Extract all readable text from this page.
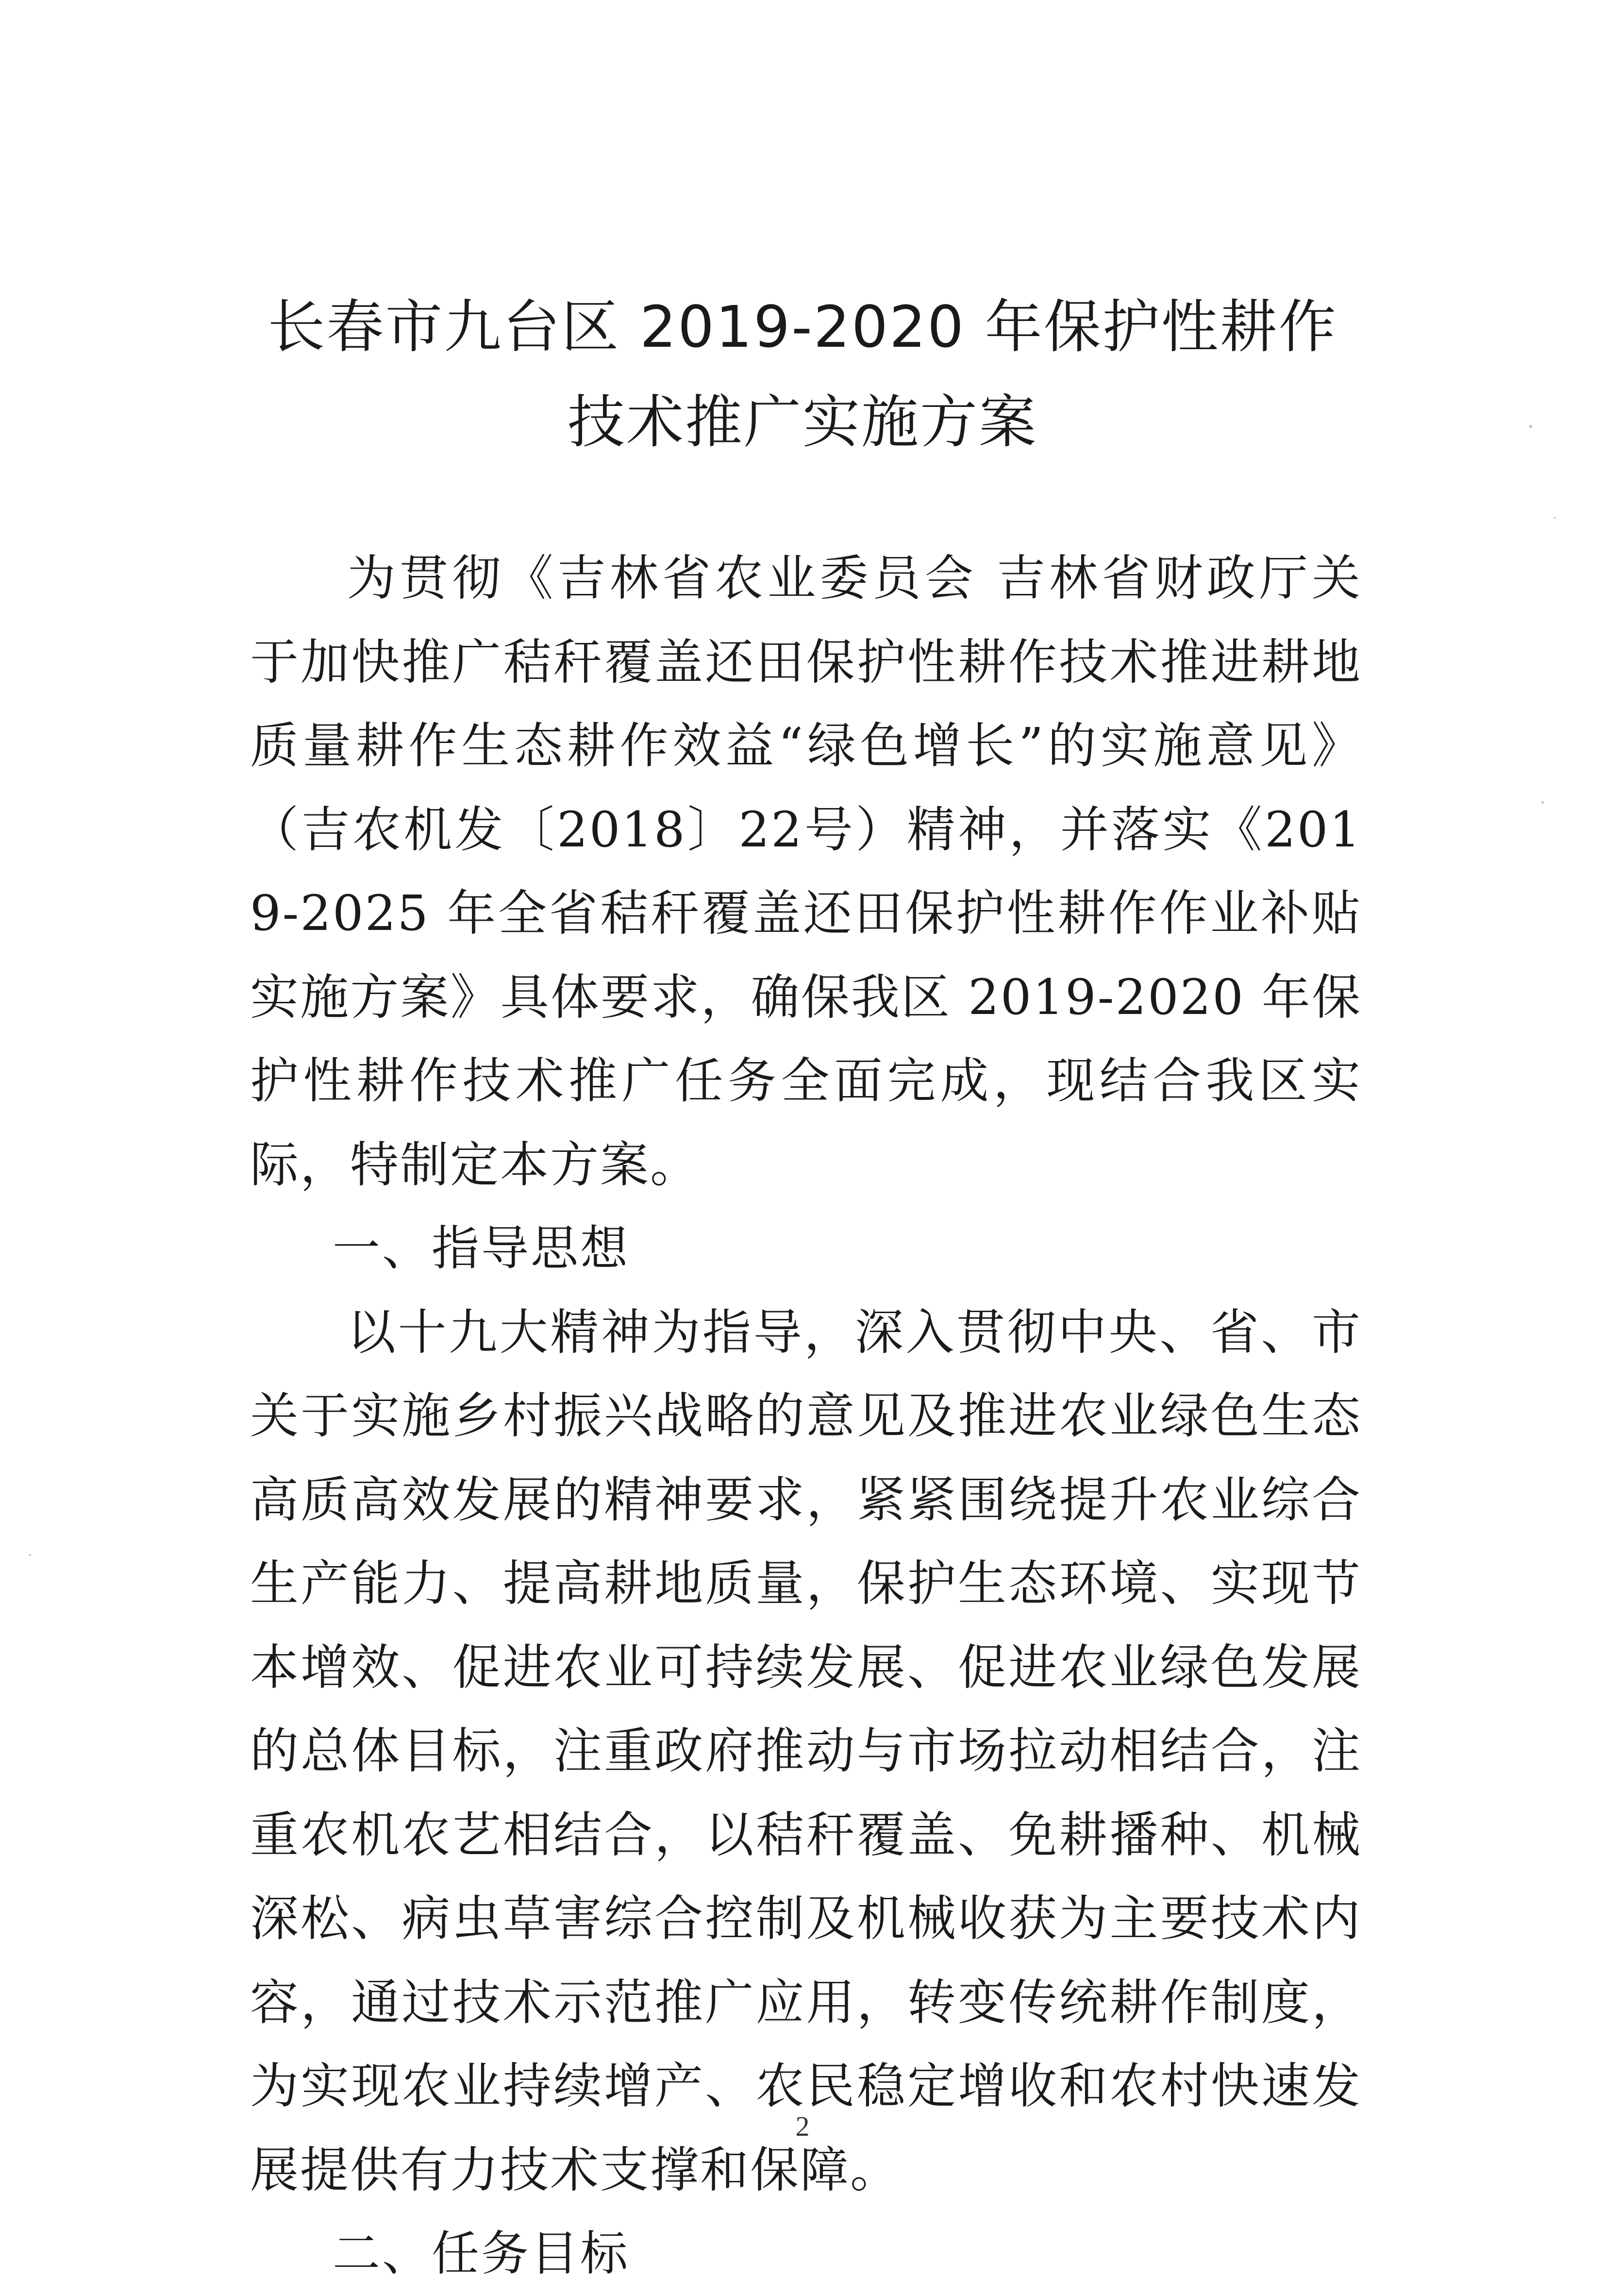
长春市九台区 2019-2020 年保护性耕作
技术推广实施方案

为贯彻《吉林省农业委员会 吉林省财政厅关于加快推广秸秆覆盖还田保护性耕作技术推进耕地质量耕作生态耕作效益“绿色增长”的实施意见》（吉农机发〔2018〕22号）精神，并落实《2019-2025 年全省秸秆覆盖还田保护性耕作作业补贴实施方案》具体要求，确保我区 2019-2020 年保护性耕作技术推广任务全面完成，现结合我区实际，特制定本方案。

一、指导思想

以十九大精神为指导，深入贯彻中央、省、市关于实施乡村振兴战略的意见及推进农业绿色生态高质高效发展的精神要求，紧紧围绕提升农业综合生产能力、提高耕地质量，保护生态环境、实现节本增效、促进农业可持续发展、促进农业绿色发展的总体目标，注重政府推动与市场拉动相结合，注重农机农艺相结合，以秸秆覆盖、免耕播种、机械深松、病虫草害综合控制及机械收获为主要技术内容，通过技术示范推广应用，转变传统耕作制度，为实现农业持续增产、农民稳定增收和农村快速发展提供有力技术支撑和保障。

二、任务目标

2
